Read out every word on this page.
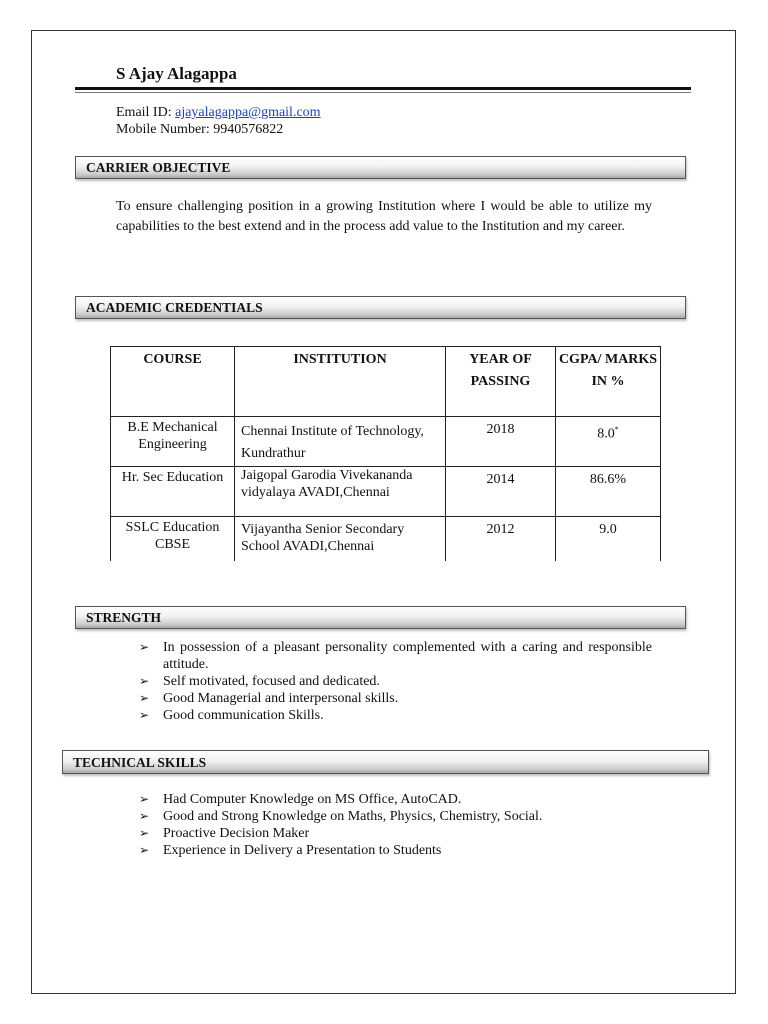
S Ajay Alagappa
Email ID: ajayalagappa@gmail.com
Mobile Number: 9940576822
CARRIER OBJECTIVE
To ensure challenging position in a growing Institution where I would be able to utilize my capabilities to the best extend and in the process add value to the Institution and my career.
ACADEMIC CREDENTIALS
COURSE	INSTITUTION	YEAR OF PASSING	CGPA/ MARKS IN %
B.E Mechanical Engineering	Chennai Institute of Technology, Kundrathur	2018	8.0*
Hr. Sec Education	Jaigopal Garodia Vivekananda vidyalaya AVADI,Chennai	2014	86.6%
SSLC Education CBSE	Vijayantha Senior Secondary School AVADI,Chennai	2012	9.0
STRENGTH
➢ In possession of a pleasant personality complemented with a caring and responsible attitude.
➢ Self motivated, focused and dedicated.
➢ Good Managerial and interpersonal skills.
➢ Good communication Skills.
TECHNICAL SKILLS
➢ Had Computer Knowledge on MS Office, AutoCAD.
➢ Good and Strong Knowledge on Maths, Physics, Chemistry, Social.
➢ Proactive Decision Maker
➢ Experience in Delivery a Presentation to Students
